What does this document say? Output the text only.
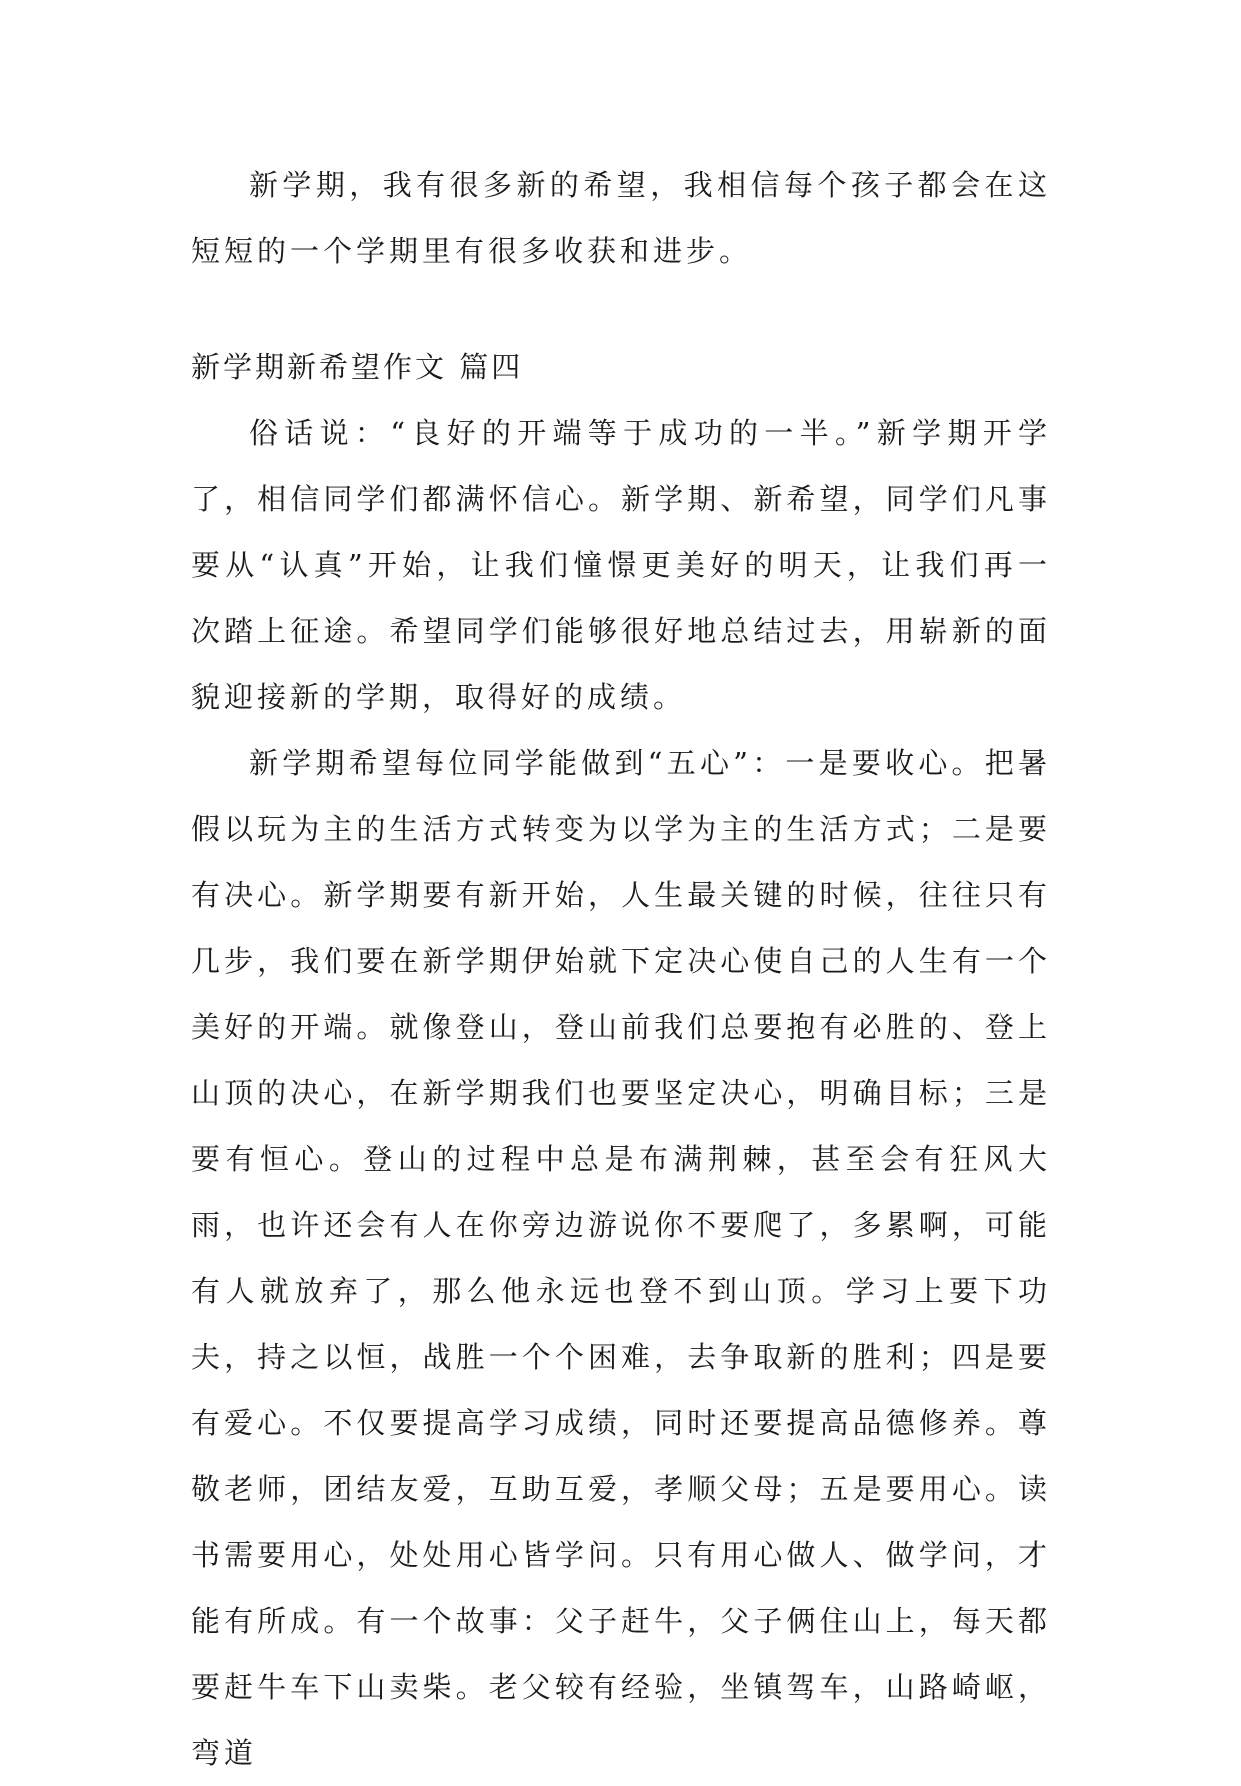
新学期，我有很多新的希望，我相信每个孩子都会在这短短的一个学期里有很多收获和进步。

新学期新希望作文 篇四

俗话说：“良好的开端等于成功的一半。”新学期开学了，相信同学们都满怀信心。新学期、新希望，同学们凡事要从“认真”开始，让我们憧憬更美好的明天，让我们再一次踏上征途。希望同学们能够很好地总结过去，用崭新的面貌迎接新的学期，取得好的成绩。

新学期希望每位同学能做到“五心”：一是要收心。把暑假以玩为主的生活方式转变为以学为主的生活方式；二是要有决心。新学期要有新开始，人生最关键的时候，往往只有几步，我们要在新学期伊始就下定决心使自己的人生有一个美好的开端。就像登山，登山前我们总要抱有必胜的、登上山顶的决心，在新学期我们也要坚定决心，明确目标；三是要有恒心。登山的过程中总是布满荆棘，甚至会有狂风大雨，也许还会有人在你旁边游说你不要爬了，多累啊，可能有人就放弃了，那么他永远也登不到山顶。学习上要下功夫，持之以恒，战胜一个个困难，去争取新的胜利；四是要有爱心。不仅要提高学习成绩，同时还要提高品德修养。尊敬老师，团结友爱，互助互爱，孝顺父母；五是要用心。读书需要用心，处处用心皆学问。只有用心做人、做学问，才能有所成。有一个故事：父子赶牛，父子俩住山上，每天都要赶牛车下山卖柴。老父较有经验，坐镇驾车，山路崎岖，弯道
